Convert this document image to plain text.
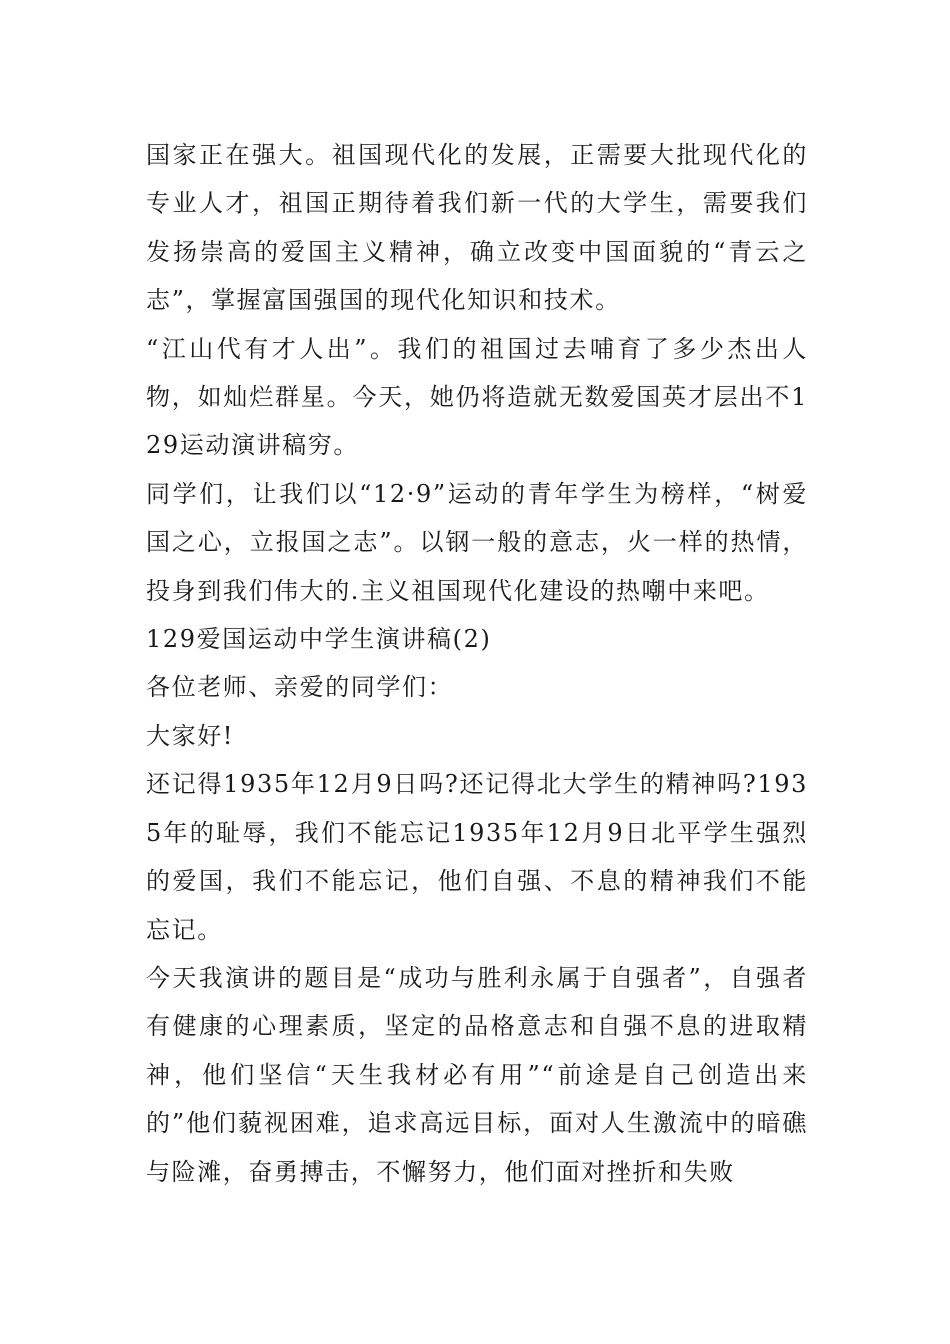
国家正在强大。祖国现代化的发展，正需要大批现代化的专业人才，祖国正期待着我们新一代的大学生，需要我们发扬崇高的爱国主义精神，确立改变中国面貌的“青云之志”，掌握富国强国的现代化知识和技术。

“江山代有才人出”。我们的祖国过去哺育了多少杰出人物，如灿烂群星。今天，她仍将造就无数爱国英才层出不129运动演讲稿穷。

同学们，让我们以“12·9”运动的青年学生为榜样，“树爱国之心，立报国之志”。以钢一般的意志，火一样的热情，投身到我们伟大的.主义祖国现代化建设的热嘲中来吧。

129爱国运动中学生演讲稿(2)

各位老师、亲爱的同学们：

大家好!

还记得1935年12月9日吗?还记得北大学生的精神吗?1935年的耻辱，我们不能忘记1935年12月9日北平学生强烈的爱国，我们不能忘记，他们自强、不息的精神我们不能忘记。

今天我演讲的题目是“成功与胜利永属于自强者”，自强者有健康的心理素质，坚定的品格意志和自强不息的进取精神，他们坚信“天生我材必有用”“前途是自己创造出来的”他们藐视困难，追求高远目标，面对人生激流中的暗礁与险滩，奋勇搏击，不懈努力，他们面对挫折和失败
